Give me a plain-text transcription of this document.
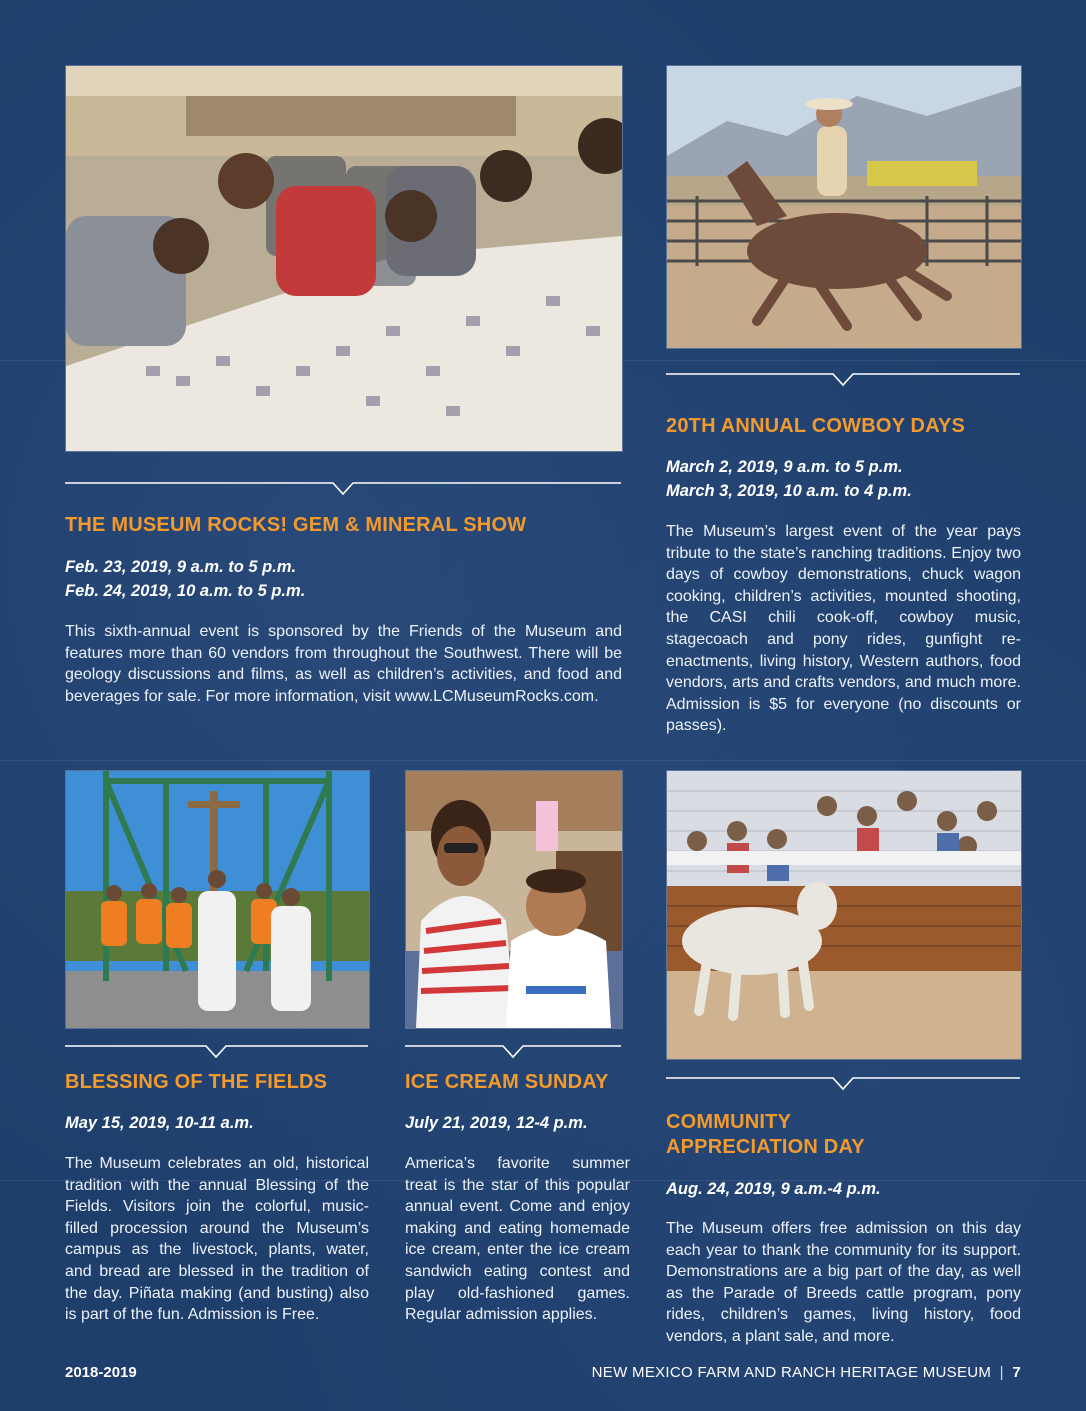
THE MUSEUM ROCKS! GEM & MINERAL SHOW
Feb. 23, 2019, 9 a.m. to 5 p.m.
Feb. 24, 2019, 10 a.m. to 5 p.m.

This sixth-annual event is sponsored by the Friends of the Museum and features more than 60 vendors from throughout the Southwest. There will be geology discussions and films, as well as children’s activities, and food and beverages for sale. For more information, visit www.LCMuseumRocks.com.

20TH ANNUAL COWBOY DAYS
March 2, 2019, 9 a.m. to 5 p.m.
March 3, 2019, 10 a.m. to 4 p.m.

The Museum’s largest event of the year pays tribute to the state’s ranching traditions. Enjoy two days of cowboy demonstrations, chuck wagon cooking, children’s activities, mounted shooting, the CASI chili cook-off, cowboy music, stagecoach and pony rides, gunfight re-enactments, living history, Western authors, food vendors, arts and crafts vendors, and much more. Admission is $5 for everyone (no discounts or passes).

BLESSING OF THE FIELDS
May 15, 2019, 10-11 a.m.

The Museum celebrates an old, historical tradition with the annual Blessing of the Fields. Visitors join the colorful, music-filled procession around the Museum’s campus as the livestock, plants, water, and bread are blessed in the tradition of the day. Piñata making (and busting) also is part of the fun. Admission is Free.

ICE CREAM SUNDAY
July 21, 2019, 12-4 p.m.

America’s favorite summer treat is the star of this popular annual event. Come and enjoy making and eating homemade ice cream, enter the ice cream sandwich eating contest and play old-fashioned games. Regular admission applies.

COMMUNITY
APPRECIATION DAY
Aug. 24, 2019, 9 a.m.-4 p.m.

The Museum offers free admission on this day each year to thank the community for its support. Demonstrations are a big part of the day, as well as the Parade of Breeds cattle program, pony rides, children’s games, living history, food vendors, a plant sale, and more.

2018-2019	NEW MEXICO FARM AND RANCH HERITAGE MUSEUM | 7
